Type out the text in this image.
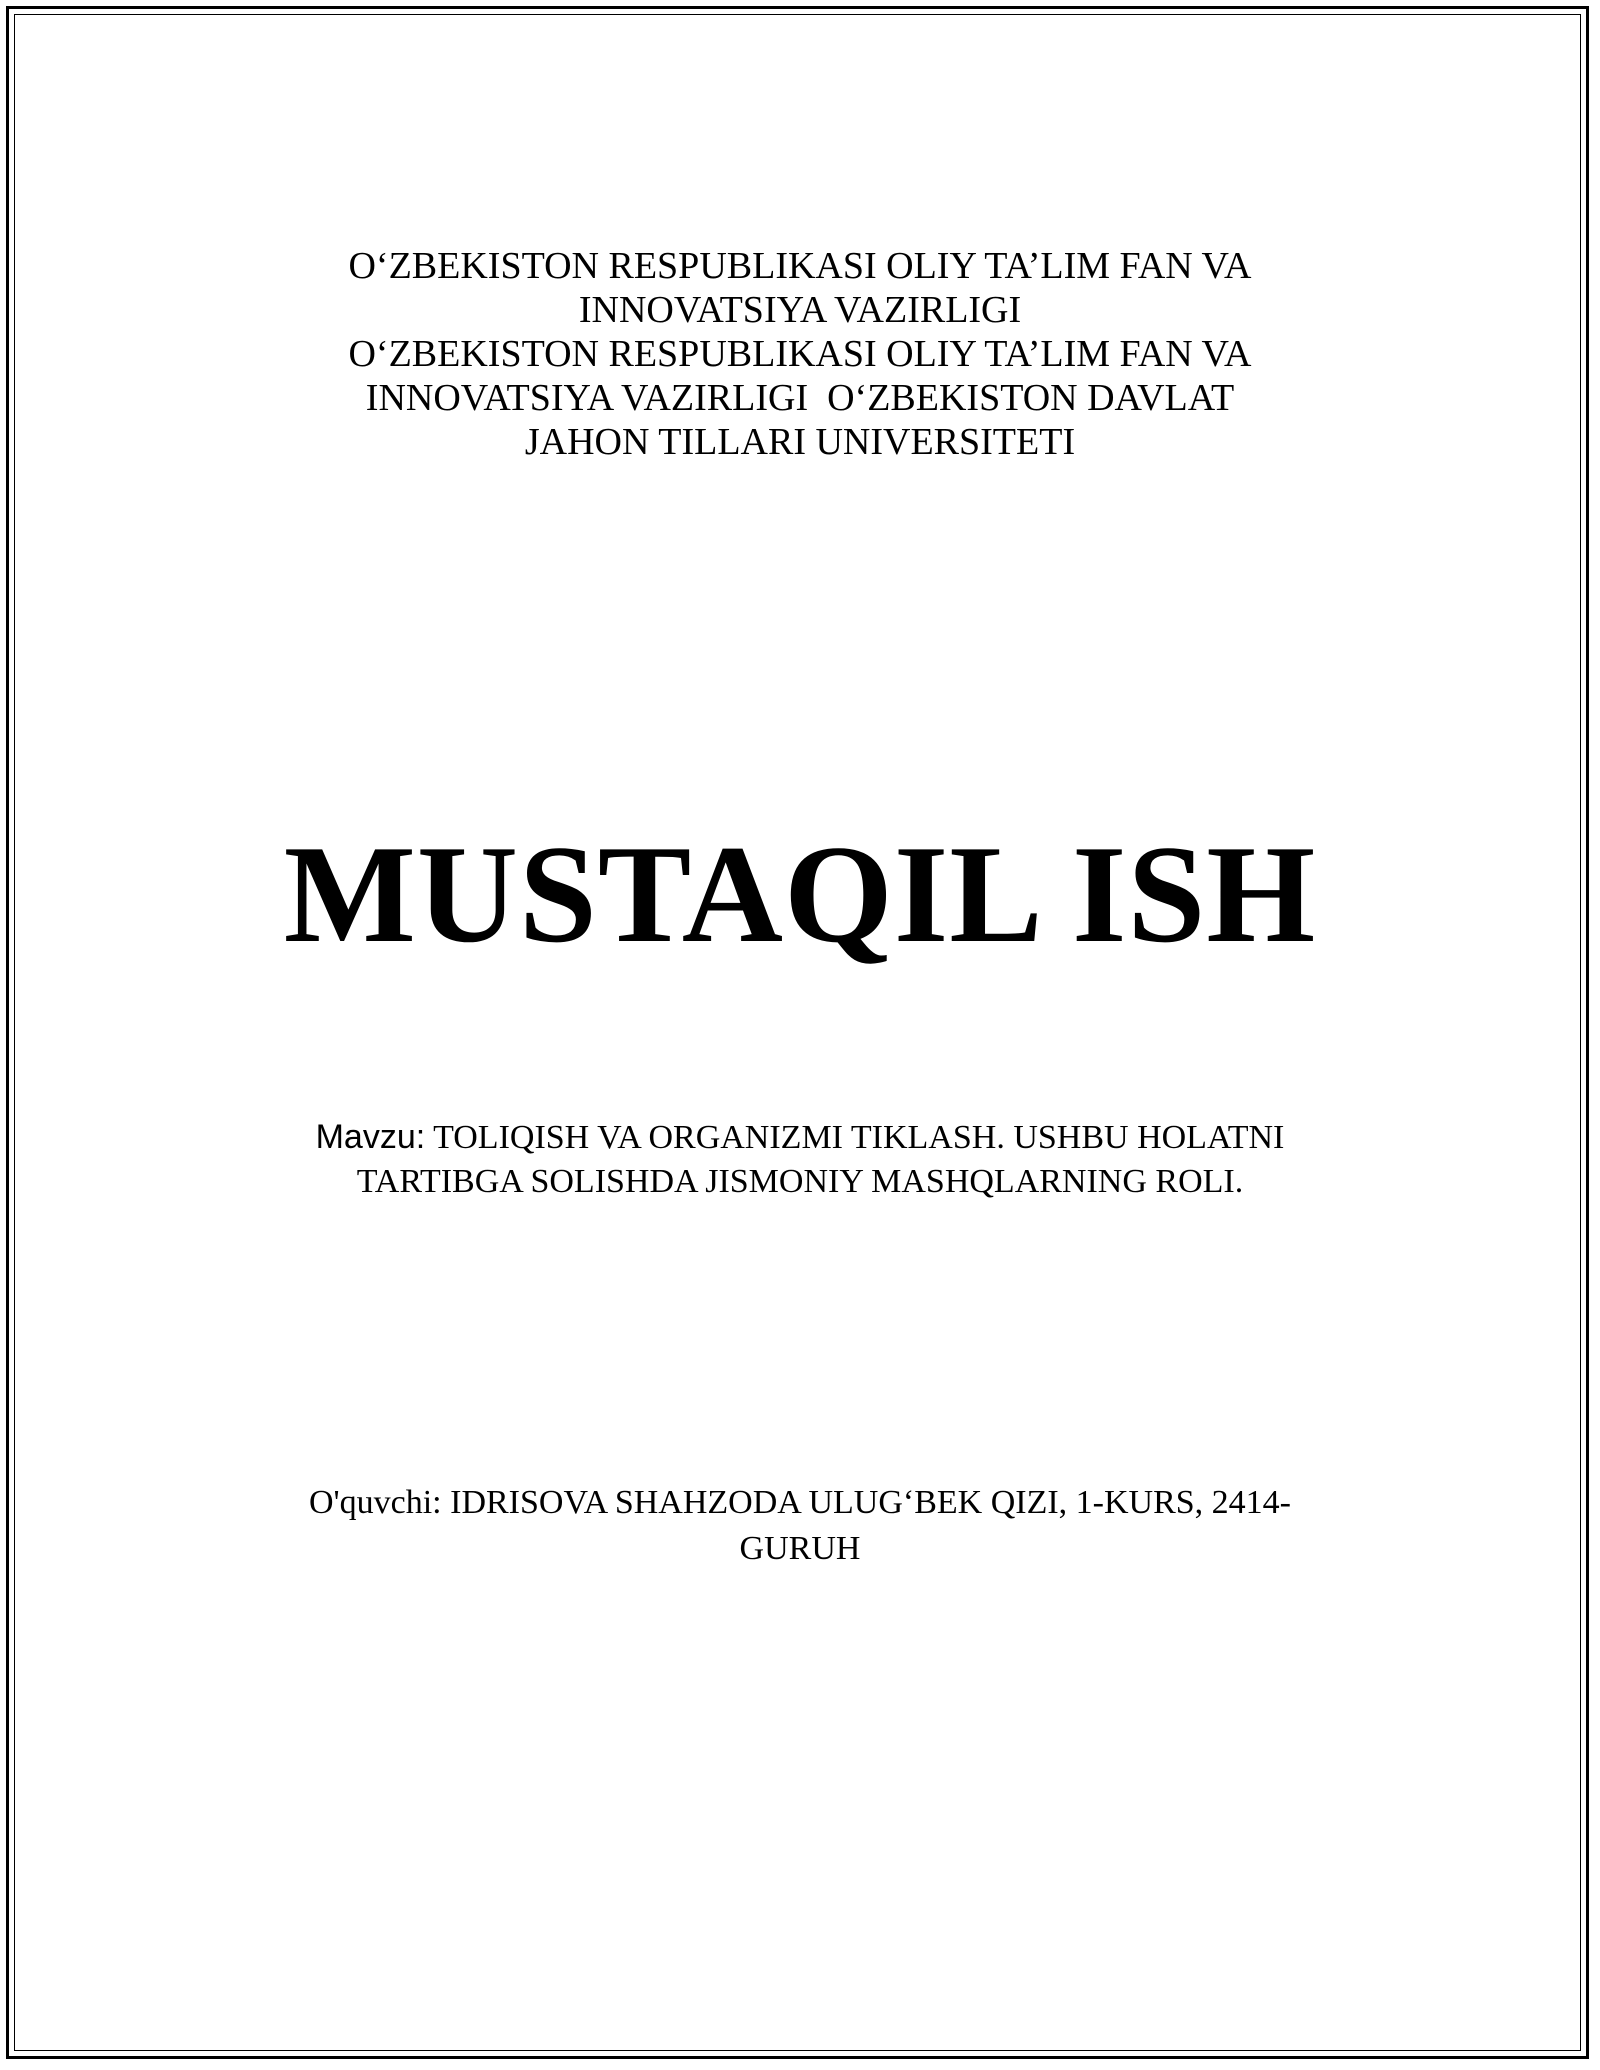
O‘ZBEKISTON RESPUBLIKASI OLIY TA’LIM FAN VA
INNOVATSIYA VAZIRLIGI
O‘ZBEKISTON RESPUBLIKASI OLIY TA’LIM FAN VA
INNOVATSIYA VAZIRLIGI  O‘ZBEKISTON DAVLAT
JAHON TILLARI UNIVERSITETI
MUSTAQIL ISH
Mavzu: TOLIQISH VA ORGANIZMI TIKLASH. USHBU HOLATNI
TARTIBGA SOLISHDA JISMONIY MASHQLARNING ROLI.
O'quvchi: IDRISOVA SHAHZODA ULUG‘BEK QIZI, 1-KURS, 2414-
GURUH
